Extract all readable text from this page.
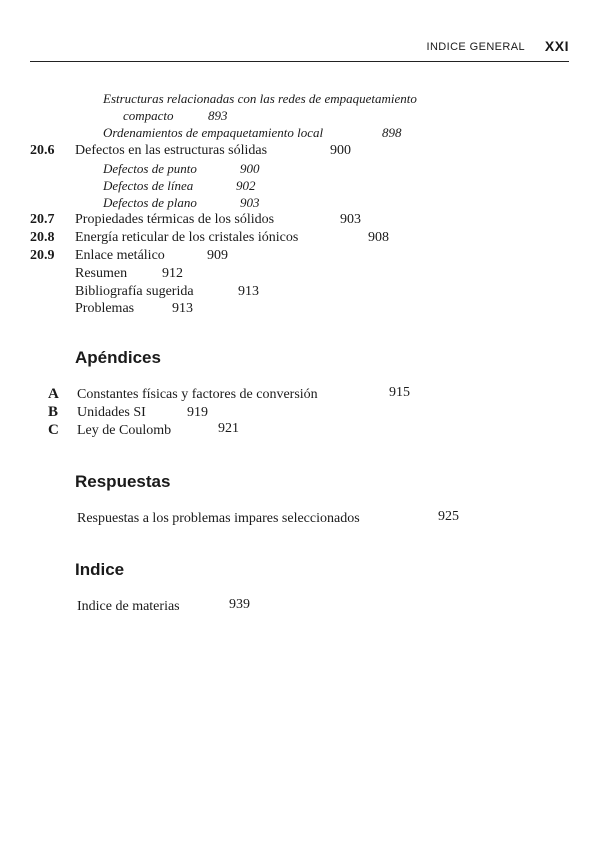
INDICE GENERAL XXI
Estructuras relacionadas con las redes de empaquetamiento
compacto	893
Ordenamientos de empaquetamiento local	898
20.6 Defectos en las estructuras sólidas	900
Defectos de punto	900
Defectos de línea	902
Defectos de plano	903
20.7 Propiedades térmicas de los sólidos	903
20.8 Energía reticular de los cristales iónicos	908
20.9 Enlace metálico	909
Resumen 912
Bibliografía sugerida	913
Problemas	913
Apéndices
A Constantes físicas y factores de conversión	915
B Unidades SI	919
C Ley de Coulomb	921
Respuestas
Respuestas a los problemas impares seleccionados	925
Indice
Indice de materias	939
